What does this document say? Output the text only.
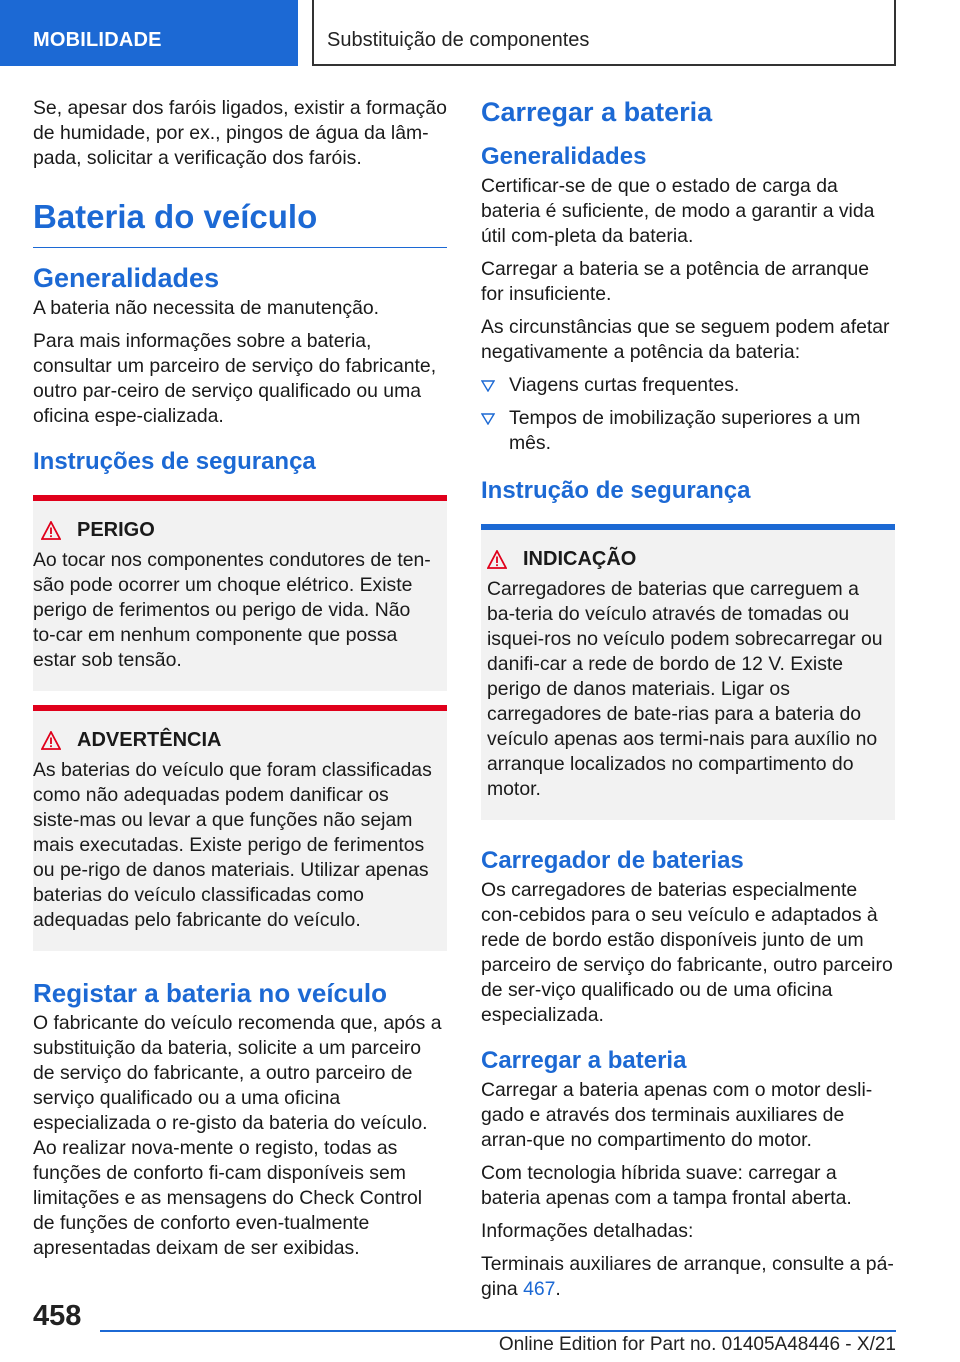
MOBILIDADE	Substituição de componentes

Se, apesar dos faróis ligados, existir a formação de humidade, por ex., pingos de água da lâm-pada, solicitar a verificação dos faróis.

Bateria do veículo
Generalidades

A bateria não necessita de manutenção.

Para mais informações sobre a bateria, consultar um parceiro de serviço do fabricante, outro par-ceiro de serviço qualificado ou uma oficina espe-cializada.

Instruções de segurança
PERIGO

Ao tocar nos componentes condutores de ten-são pode ocorrer um choque elétrico. Existe perigo de ferimentos ou perigo de vida. Não to-car em nenhum componente que possa estar sob tensão.

ADVERTÊNCIA

As baterias do veículo que foram classificadas como não adequadas podem danificar os siste-mas ou levar a que funções não sejam mais executadas. Existe perigo de ferimentos ou pe-rigo de danos materiais. Utilizar apenas baterias do veículo classificadas como adequadas pelo fabricante do veículo.

Registar a bateria no veículo

O fabricante do veículo recomenda que, após a substituição da bateria, solicite a um parceiro de serviço do fabricante, a outro parceiro de serviço qualificado ou a uma oficina especializada o re-gisto da bateria do veículo. Ao realizar nova-mente o registo, todas as funções de conforto fi-cam disponíveis sem limitações e as mensagens do Check Control de funções de conforto even-tualmente apresentadas deixam de ser exibidas.

Carregar a bateria
Generalidades

Certificar-se de que o estado de carga da bateria é suficiente, de modo a garantir a vida útil com-pleta da bateria.

Carregar a bateria se a potência de arranque for insuficiente.

As circunstâncias que se seguem podem afetar negativamente a potência da bateria:

Viagens curtas frequentes.
Tempos de imobilização superiores a um mês.
Instrução de segurança
INDICAÇÃO

Carregadores de baterias que carreguem a ba-teria do veículo através de tomadas ou isquei-ros no veículo podem sobrecarregar ou danifi-car a rede de bordo de 12 V. Existe perigo de danos materiais. Ligar os carregadores de bate-rias para a bateria do veículo apenas aos termi-nais para auxílio no arranque localizados no compartimento do motor.

Carregador de baterias

Os carregadores de baterias especialmente con-cebidos para o seu veículo e adaptados à rede de bordo estão disponíveis junto de um parceiro de serviço do fabricante, outro parceiro de ser-viço qualificado ou de uma oficina especializada.

Carregar a bateria

Carregar a bateria apenas com o motor desli-gado e através dos terminais auxiliares de arran-que no compartimento do motor.

Com tecnologia híbrida suave: carregar a bateria apenas com a tampa frontal aberta.

Informações detalhadas:

Terminais auxiliares de arranque, consulte a pá-gina 467.

458
Online Edition for Part no. 01405A48446 - X/21
